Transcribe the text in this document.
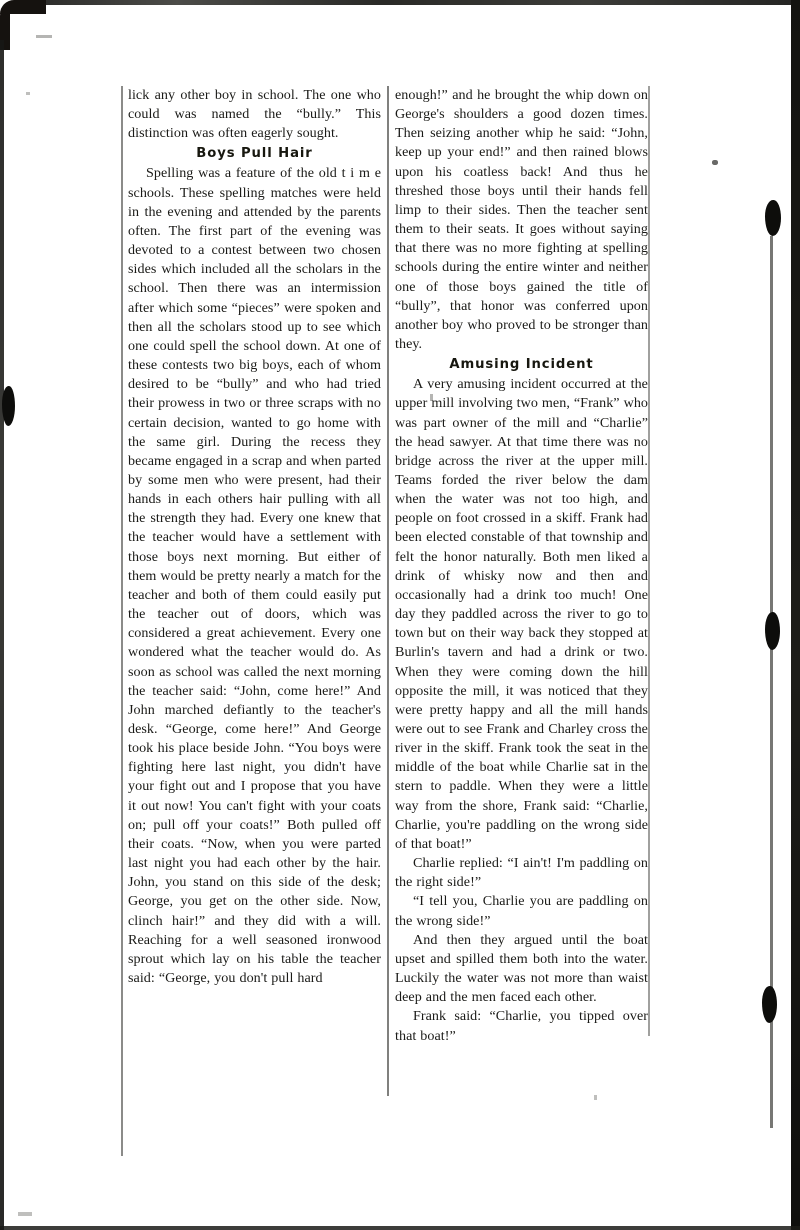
lick any other boy in school. The one who could was named the “bully.” This distinction was often eagerly sought.

Boys Pull Hair

Spelling was a feature of the old t i m e schools. These spelling matches were held in the evening and attended by the parents often. The first part of the evening was devoted to a contest between two chosen sides which included all the scholars in the school. Then there was an intermission after which some “pieces” were spoken and then all the scholars stood up to see which one could spell the school down. At one of these contests two big boys, each of whom desired to be “bully” and who had tried their prowess in two or three scraps with no certain decision, wanted to go home with the same girl. During the recess they became engaged in a scrap and when parted by some men who were present, had their hands in each others hair pulling with all the strength they had. Every one knew that the teacher would have a settlement with those boys next morning. But either of them would be pretty nearly a match for the teacher and both of them could easily put the teacher out of doors, which was considered a great achievement. Every one wondered what the teacher would do. As soon as school was called the next morning the teacher said: “John, come here!” And John marched defiantly to the teacher's desk. “George, come here!” And George took his place beside John. “You boys were fighting here last night, you didn't have your fight out and I propose that you have it out now! You can't fight with your coats on; pull off your coats!” Both pulled off their coats. “Now, when you were parted last night you had each other by the hair. John, you stand on this side of the desk; George, you get on the other side. Now, clinch hair!” and they did with a will. Reaching for a well seasoned ironwood sprout which lay on his table the teacher said: “George, you don't pull hard

enough!” and he brought the whip down on George's shoulders a good dozen times. Then seizing another whip he said: “John, keep up your end!” and then rained blows upon his coatless back! And thus he threshed those boys until their hands fell limp to their sides. Then the teacher sent them to their seats. It goes without saying that there was no more fighting at spelling schools during the entire winter and neither one of those boys gained the title of “bully”, that honor was conferred upon another boy who proved to be stronger than they.

Amusing Incident

A very amusing incident occurred at the upper mill involving two men, “Frank” who was part owner of the mill and “Charlie” the head sawyer. At that time there was no bridge across the river at the upper mill. Teams forded the river below the dam when the water was not too high, and people on foot crossed in a skiff. Frank had been elected constable of that township and felt the honor naturally. Both men liked a drink of whisky now and then and occasionally had a drink too much! One day they paddled across the river to go to town but on their way back they stopped at Burlin's tavern and had a drink or two. When they were coming down the hill opposite the mill, it was noticed that they were pretty happy and all the mill hands were out to see Frank and Charley cross the river in the skiff. Frank took the seat in the middle of the boat while Charlie sat in the stern to paddle. When they were a little way from the shore, Frank said: “Charlie, Charlie, you're paddling on the wrong side of that boat!”

Charlie replied: “I ain't! I'm paddling on the right side!”

“I tell you, Charlie you are paddling on the wrong side!”

And then they argued until the boat upset and spilled them both into the water. Luckily the water was not more than waist deep and the men faced each other.

Frank said: “Charlie, you tipped over that boat!”
